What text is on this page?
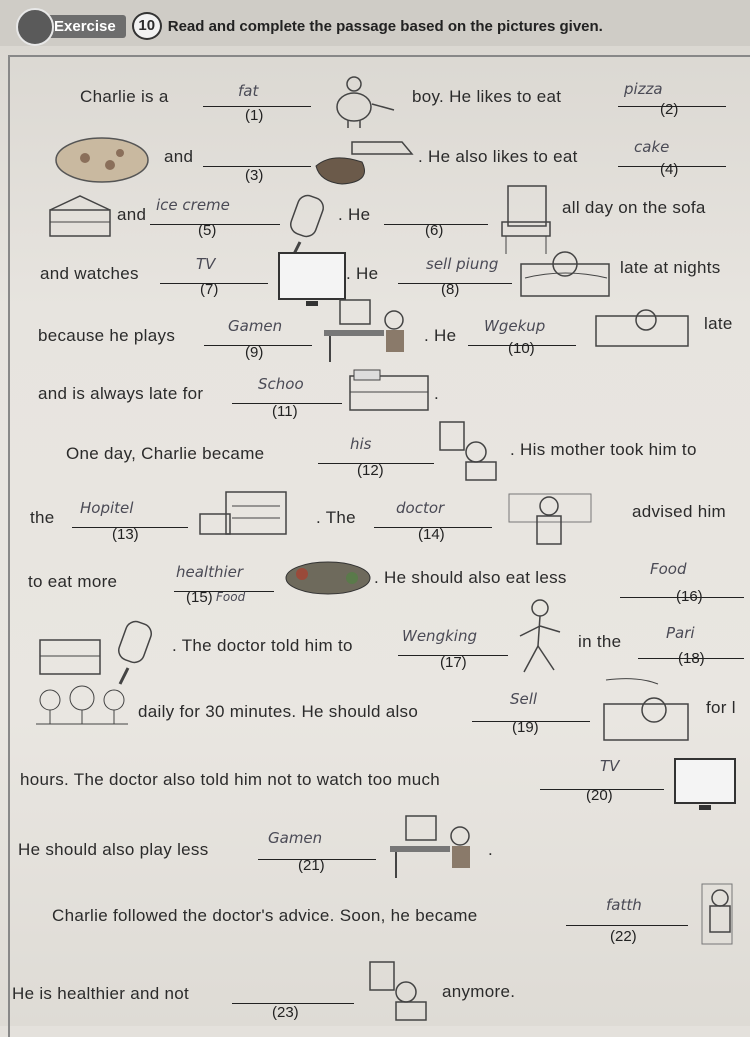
Exercise	10 Read and complete the passage based on the pictures given.
Charlie is a	fat
(1)
boy. He likes to eat	pizza
(2)
and
(3)
. He also likes to eat	cake
(4)
and ice creme
(5)
. He
(6)
all day on the sofa
and watches	TV
(7)
. He	sell piung
(8)
late at nights
because he plays	Gamen
(9)
. He Wgekup
(10)
late
and is always late for	Schoo
(11)
.
One day, Charlie became	his
(12)
. His mother took him to
the Hopitel
(13)
. The	doctor
(14)
advised him
to eat more	healthier
(15) Food
. He should also eat less	Food
(16)
. The doctor told him to	Wengking
(17)
in the	Pari
(18)
daily for 30 minutes. He should also
Sell
(19)
for l
hours. The doctor also told him not to watch too much
TV
(20)
He should also play less
Gamen
(21)
.
Charlie followed the doctor's advice. Soon, he became
fatth
(22)
He is healthier and not
(23)
anymore.
